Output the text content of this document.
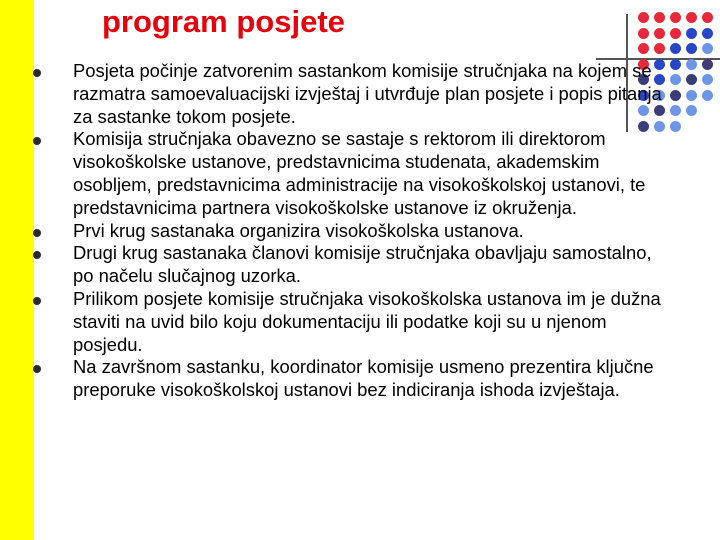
program posjete

Posjeta počinje zatvorenim sastankom komisije stručnjaka na kojem se razmatra samoevaluacijski izvještaj i utvrđuje plan posjete i popis pitanja za sastanke tokom posjete.

Komisija stručnjaka obavezno se sastaje s rektorom ili direktorom visokoškolske ustanove, predstavnicima studenata, akademskim osobljem, predstavnicima administracije na visokoškolskoj ustanovi, te predstavnicima partnera visokoškolske ustanove iz okruženja.

Prvi krug sastanaka organizira visokoškolska ustanova.

Drugi krug sastanaka članovi komisije stručnjaka obavljaju samostalno, po načelu slučajnog uzorka.

Prilikom posjete komisije stručnjaka visokoškolska ustanova im je dužna staviti na uvid bilo koju dokumentaciju ili podatke koji su u njenom posjedu.

Na završnom sastanku, koordinator komisije usmeno prezentira ključne preporuke visokoškolskoj ustanovi bez indiciranja ishoda izvještaja.
